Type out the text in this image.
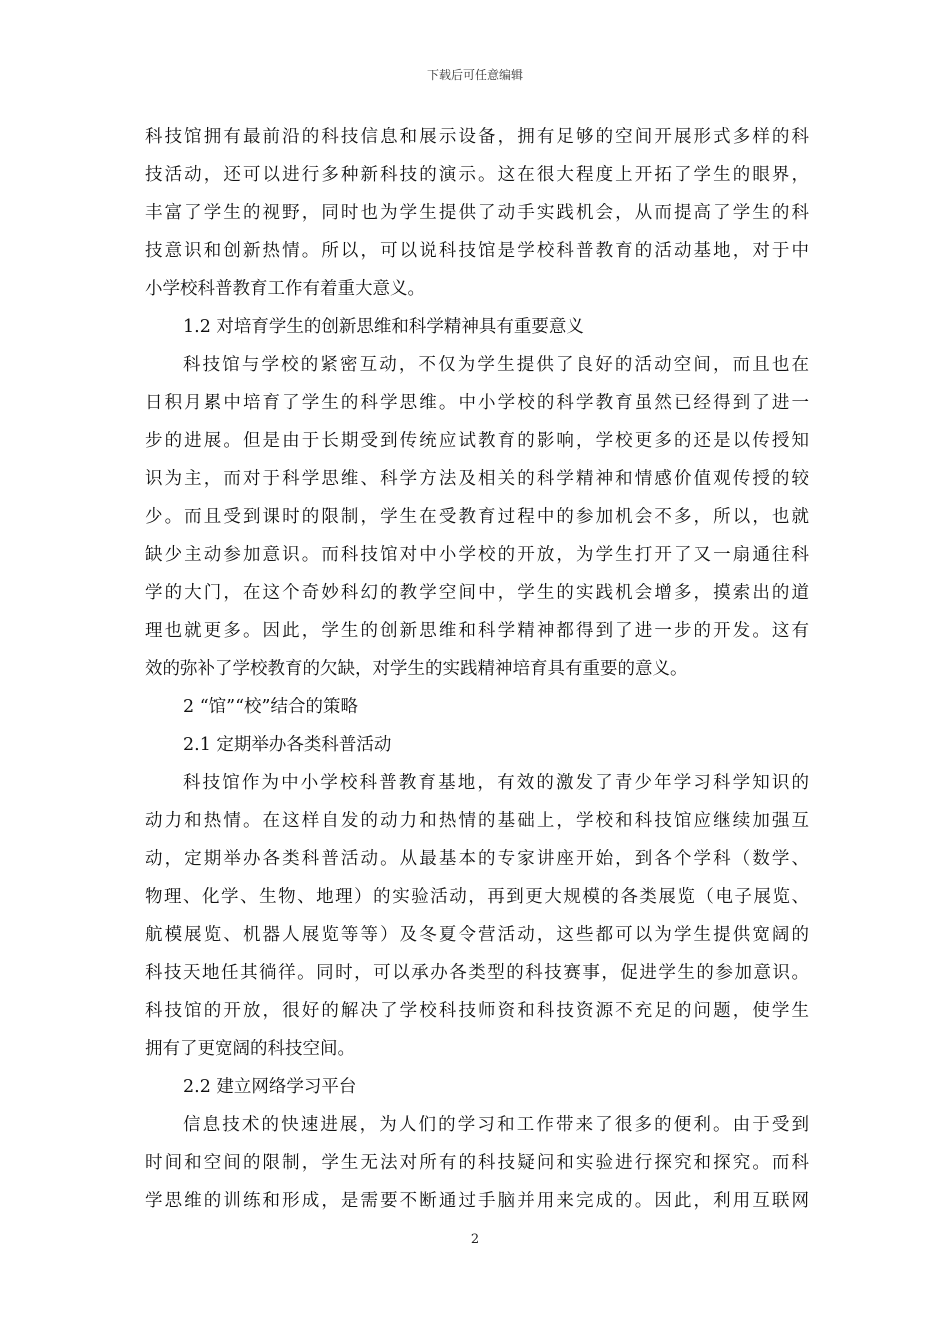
下载后可任意编辑
科技馆拥有最前沿的科技信息和展示设备，拥有足够的空间开展形式多样的科
技活动，还可以进行多种新科技的演示。这在很大程度上开拓了学生的眼界，
丰富了学生的视野，同时也为学生提供了动手实践机会，从而提高了学生的科
技意识和创新热情。所以，可以说科技馆是学校科普教育的活动基地，对于中
小学校科普教育工作有着重大意义。
1.2 对培育学生的创新思维和科学精神具有重要意义
科技馆与学校的紧密互动，不仅为学生提供了良好的活动空间，而且也在
日积月累中培育了学生的科学思维。中小学校的科学教育虽然已经得到了进一
步的进展。但是由于长期受到传统应试教育的影响，学校更多的还是以传授知
识为主，而对于科学思维、科学方法及相关的科学精神和情感价值观传授的较
少。而且受到课时的限制，学生在受教育过程中的参加机会不多，所以，也就
缺少主动参加意识。而科技馆对中小学校的开放，为学生打开了又一扇通往科
学的大门，在这个奇妙科幻的教学空间中，学生的实践机会增多，摸索出的道
理也就更多。因此，学生的创新思维和科学精神都得到了进一步的开发。这有
效的弥补了学校教育的欠缺，对学生的实践精神培育具有重要的意义。
2 “馆”“校”结合的策略
2.1 定期举办各类科普活动
科技馆作为中小学校科普教育基地，有效的激发了青少年学习科学知识的
动力和热情。在这样自发的动力和热情的基础上，学校和科技馆应继续加强互
动，定期举办各类科普活动。从最基本的专家讲座开始，到各个学科（数学、
物理、化学、生物、地理）的实验活动，再到更大规模的各类展览（电子展览、
航模展览、机器人展览等等）及冬夏令营活动，这些都可以为学生提供宽阔的
科技天地任其徜徉。同时，可以承办各类型的科技赛事，促进学生的参加意识。
科技馆的开放，很好的解决了学校科技师资和科技资源不充足的问题，使学生
拥有了更宽阔的科技空间。
2.2 建立网络学习平台
信息技术的快速进展，为人们的学习和工作带来了很多的便利。由于受到
时间和空间的限制，学生无法对所有的科技疑问和实验进行探究和探究。而科
学思维的训练和形成，是需要不断通过手脑并用来完成的。因此，利用互联网
2
